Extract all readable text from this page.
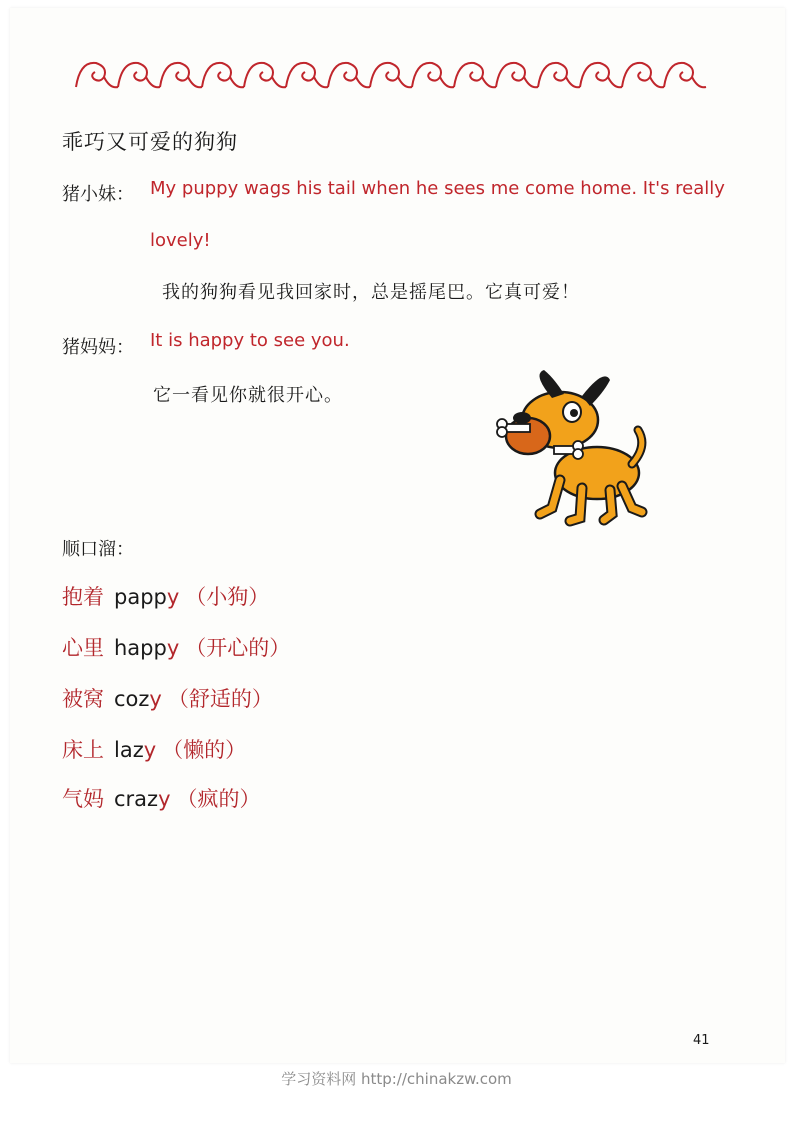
乖巧又可爱的狗狗
猪小妹： My puppy wags his tail when he sees me come home. It's really
lovely!
我的狗狗看见我回家时，总是摇尾巴。它真可爱！
猪妈妈： It is happy to see you.
它一看见你就很开心。
顺口溜：
抱着 pappy （小狗）
心里 happy （开心的）
被窝 cozy （舒适的）
床上 lazy （懒的）
气妈 crazy （疯的）
41
学习资料网 http://chinakzw.com
